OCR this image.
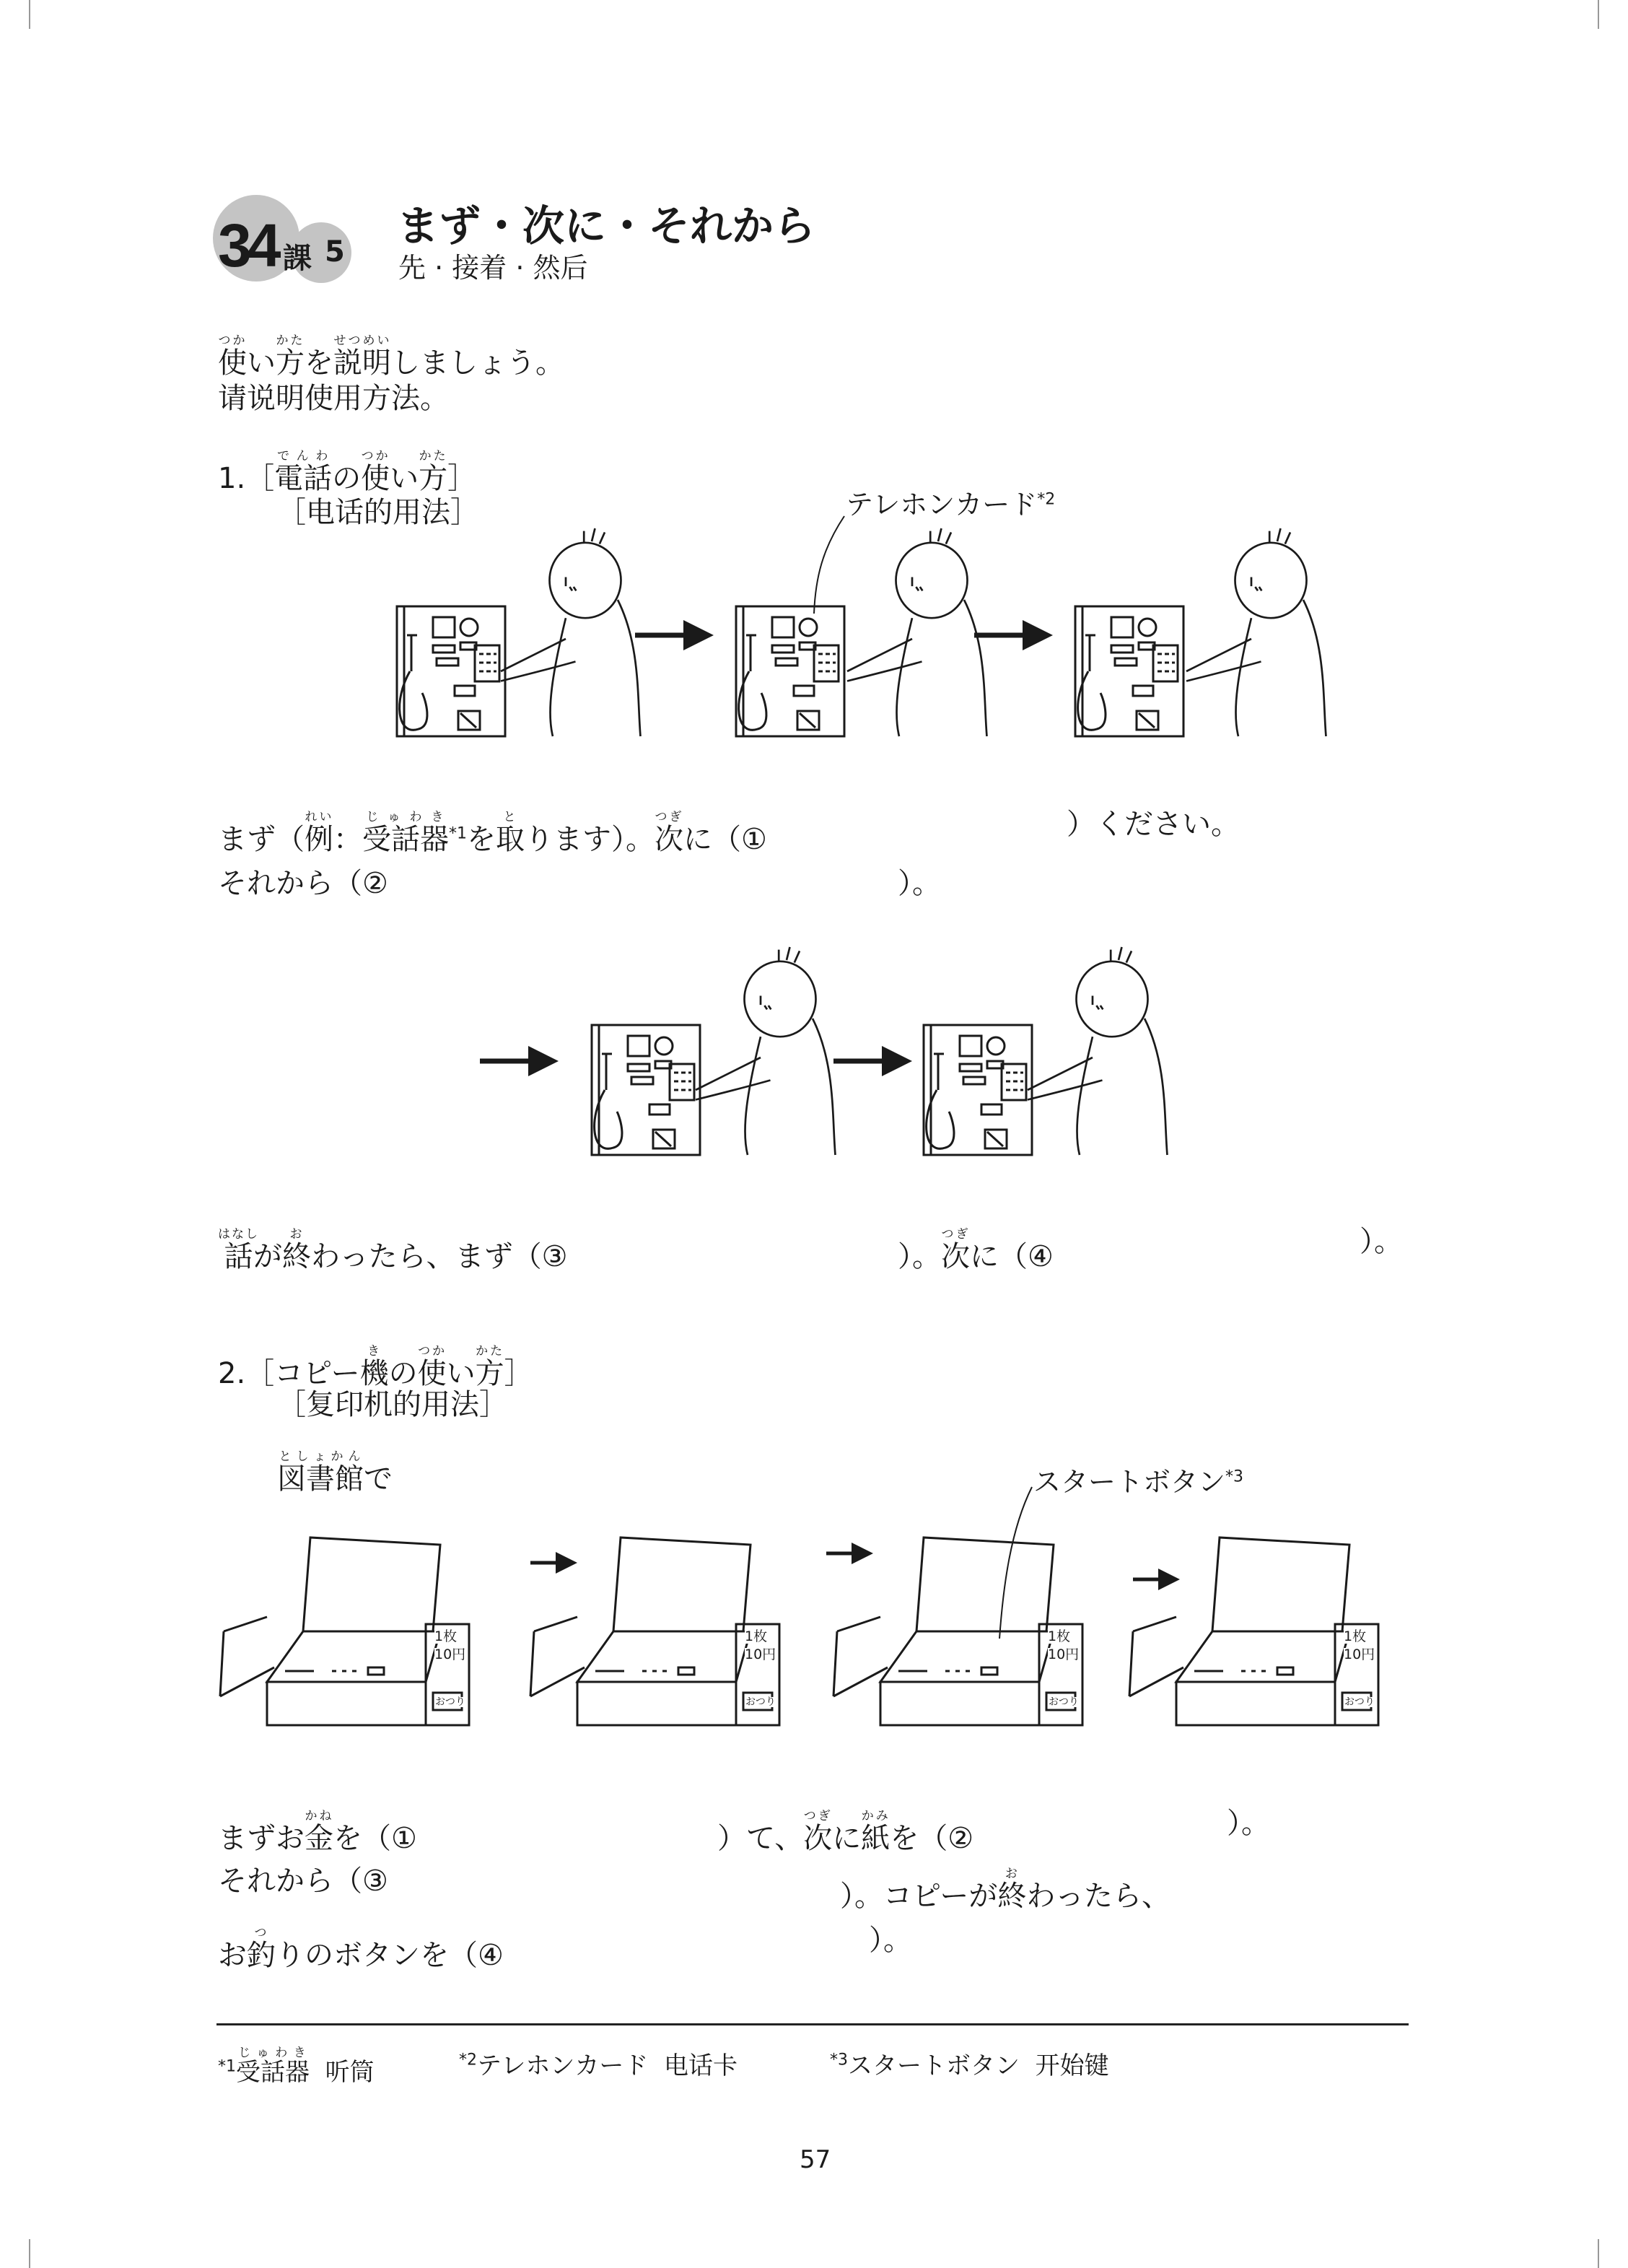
1枚
10円
おつり
1枚
10円
おつり
1枚
10円
おつり
1枚
10円
おつり
34 課 5
まず・次に・それから
先 · 接着 · 然后
使つかい方かたを説明せつめいしましょう。
请说明使用方法。
1.［電話でんわの使つかい方かた］
［电话的用法］	テレホンカード$^{*2}$
まず（例れい：受話器じゅわき$^{*1}$を取とります）。次つぎに（①	）ください。
それから（②	）。
話はなしが終おわったら、まず（③	）。次つぎに（④	）。
2.［コピー機きの使つかい方かた］
［复印机的用法］
図書館としょかんで	スタートボタン$^{*3}$
まずお金かねを（①	）て、次つぎに紙かみを（②	）。
それから（③	）。コピーが終おわったら、
お釣つりのボタンを（④	）。
$^{*1}$受話器じゅわき  听筒	$^{*2}$テレホンカード 电话卡	$^{*3}$スタートボタン 开始键
57
